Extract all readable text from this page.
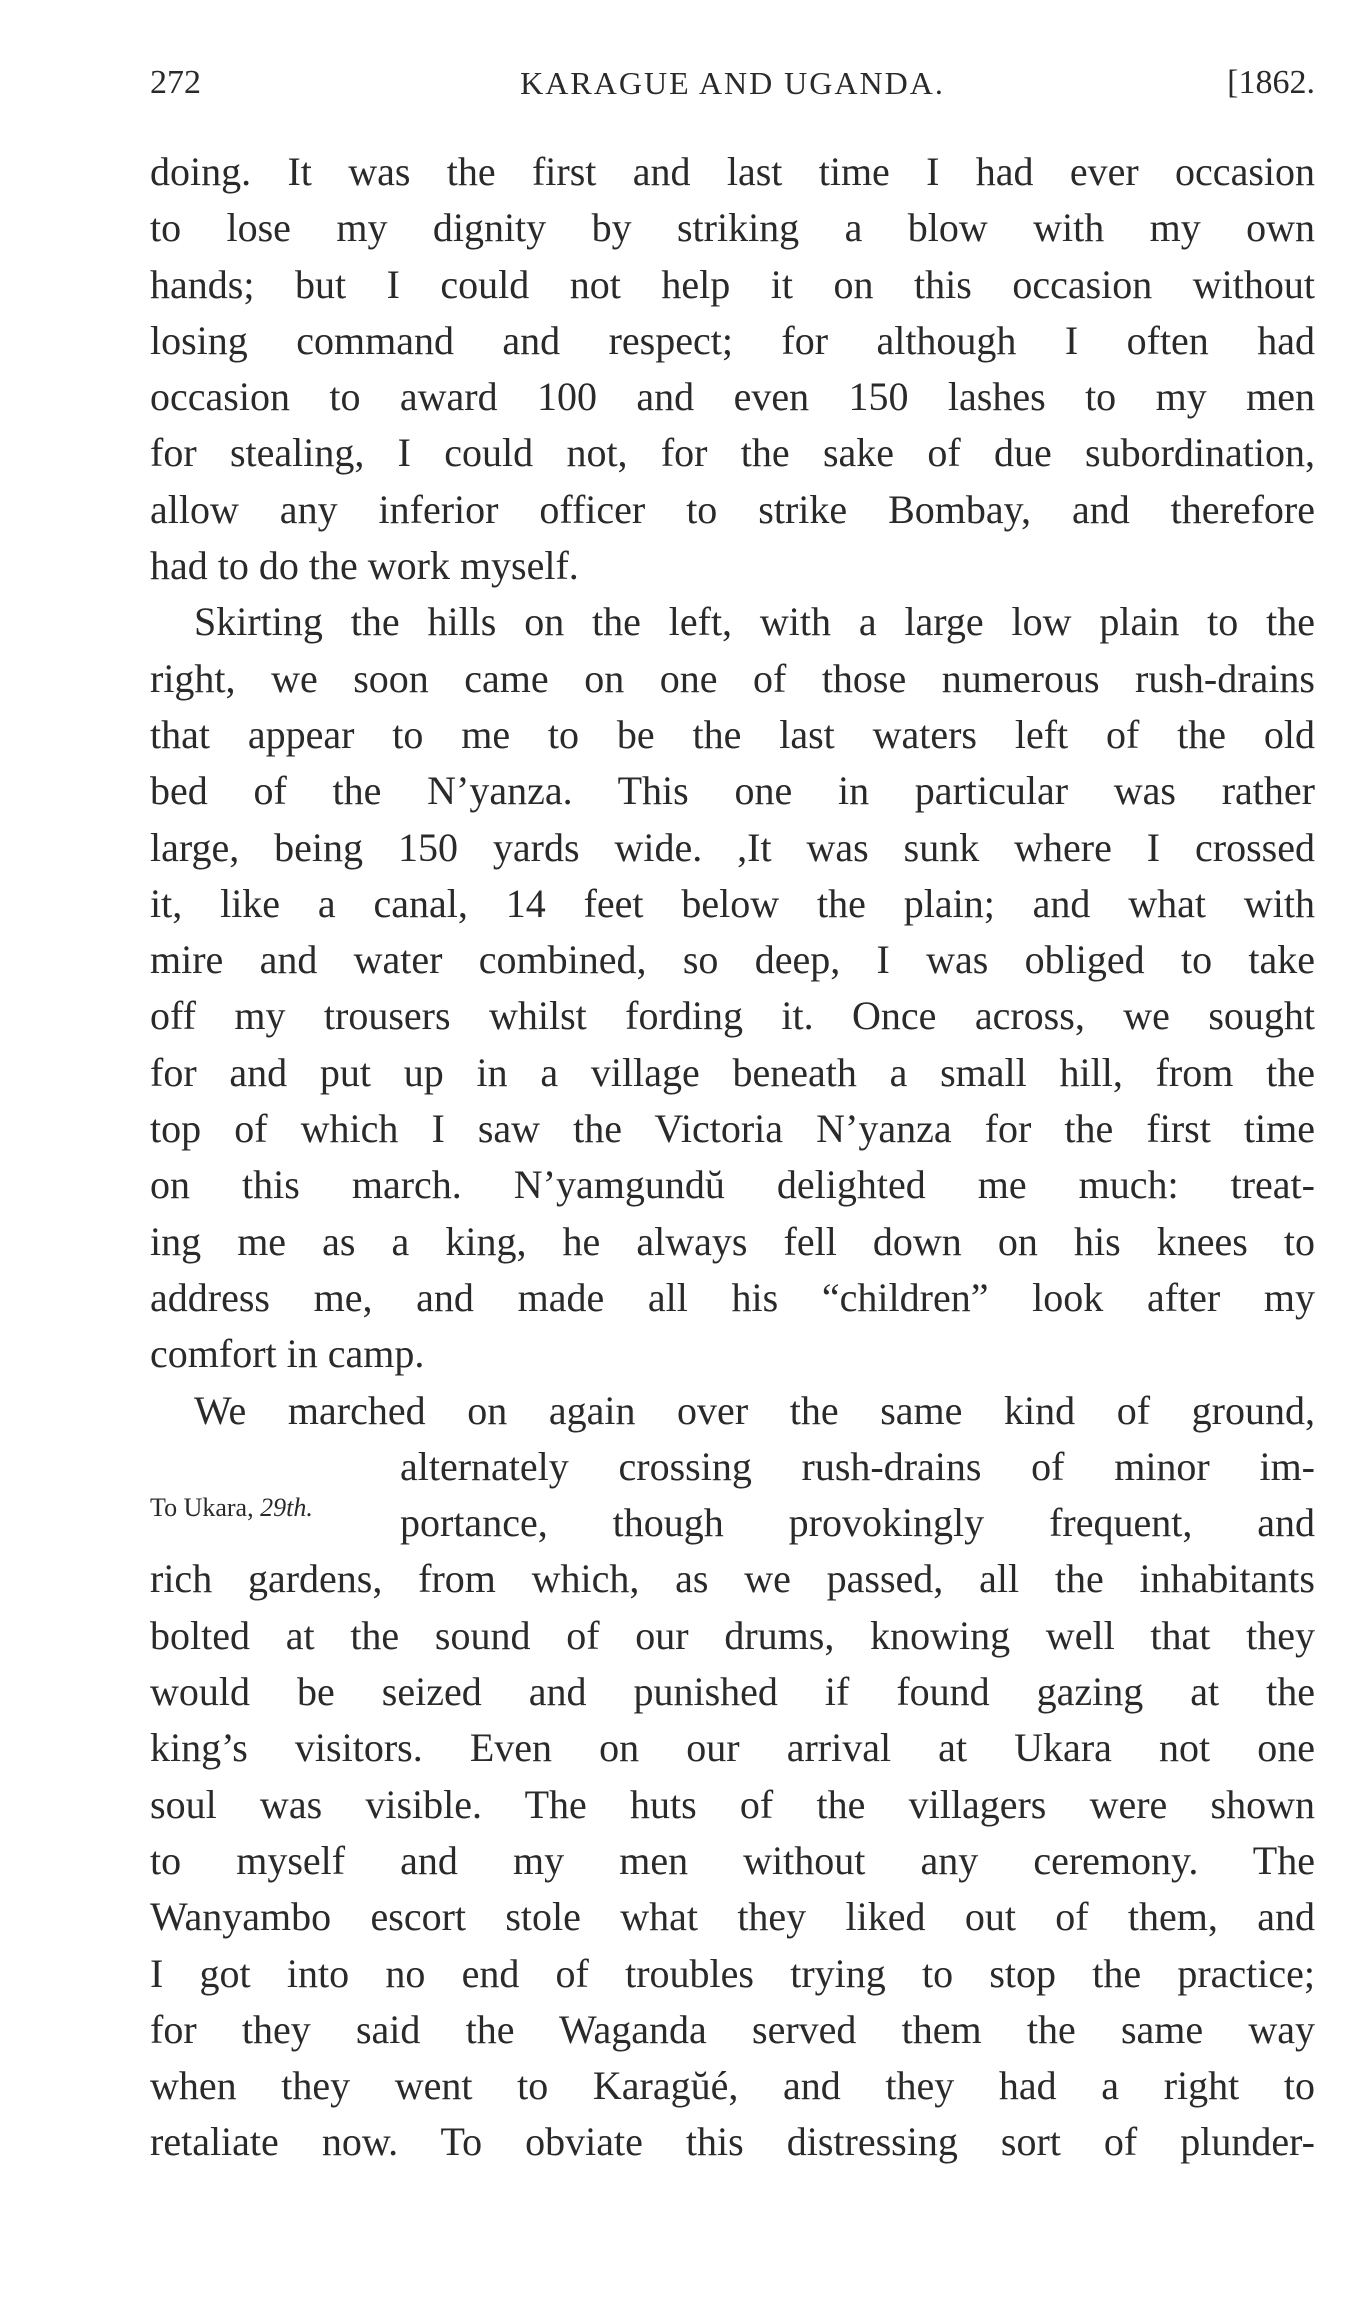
272	KARAGUE AND UGANDA.	[1862.
To Ukara, 29th.
doing. It was the first and last time I had ever occasion
to lose my dignity by striking a blow with my own
hands; but I could not help it on this occasion without
losing command and respect; for although I often had
occasion to award 100 and even 150 lashes to my men
for stealing, I could not, for the sake of due subordination,
allow any inferior officer to strike Bombay, and therefore
had to do the work myself.
Skirting the hills on the left, with a large low plain to the
right, we soon came on one of those numerous rush-drains
that appear to me to be the last waters left of the old
bed of the N’yanza. This one in particular was rather
large, being 150 yards wide. ,It was sunk where I crossed
it, like a canal, 14 feet below the plain; and what with
mire and water combined, so deep, I was obliged to take
off my trousers whilst fording it. Once across, we sought
for and put up in a village beneath a small hill, from the
top of which I saw the Victoria N’yanza for the first time
on this march. N’yamgundŭ delighted me much: treat-
ing me as a king, he always fell down on his knees to
address me, and made all his “children” look after my
comfort in camp.
We marched on again over the same kind of ground,
alternately crossing rush-drains of minor im-
portance, though provokingly frequent, and
rich gardens, from which, as we passed, all the inhabitants
bolted at the sound of our drums, knowing well that they
would be seized and punished if found gazing at the
king’s visitors. Even on our arrival at Ukara not one
soul was visible. The huts of the villagers were shown
to myself and my men without any ceremony. The
Wanyambo escort stole what they liked out of them, and
I got into no end of troubles trying to stop the practice;
for they said the Waganda served them the same way
when they went to Karagŭé, and they had a right to
retaliate now. To obviate this distressing sort of plunder-
